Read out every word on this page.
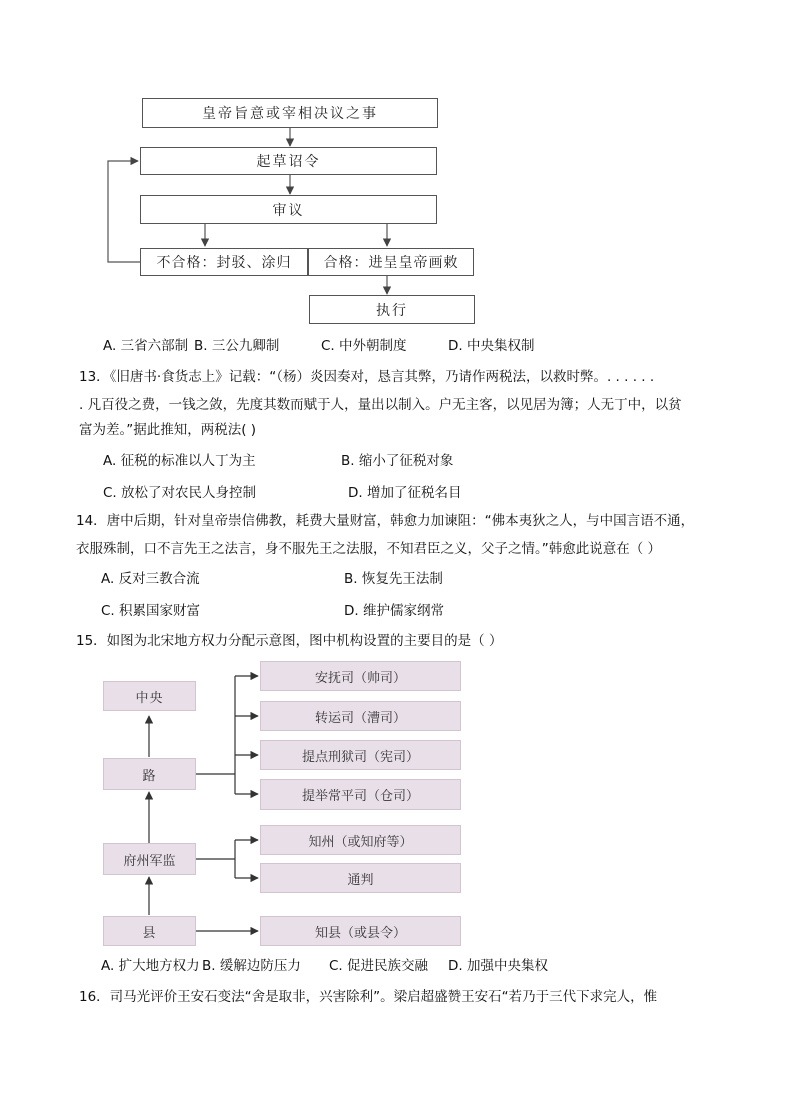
皇帝旨意或宰相决议之事
起草诏令
审议
不合格：封驳、涂归	合格：进呈皇帝画敕
执行
A. 三省六部制 B. 三公九卿制	C. 中外朝制度	D. 中央集权制
13．《旧唐书·食货志上》记载：“（杨）炎因奏对，恳言其弊，乃请作两税法，以救时弊。. . . . . .
. 凡百役之费，一钱之敛，先度其数而赋于人，量出以制入。户无主客，以见居为簿；人无丁中，以贫
富为差。”据此推知，两税法( )
A. 征税的标准以人丁为主	B. 缩小了征税对象
C. 放松了对农民人身控制	D. 增加了征税名目
14．唐中后期，针对皇帝崇信佛教，耗费大量财富，韩愈力加谏阻：“佛本夷狄之人，与中国言语不通，
衣服殊制，口不言先王之法言，身不服先王之法服，不知君臣之义，父子之情。”韩愈此说意在（ ）
A. 反对三教合流	B. 恢复先王法制
C. 积累国家财富	D. 维护儒家纲常
15．如图为北宋地方权力分配示意图，图中机构设置的主要目的是（ ）
中央
路
府州军监
县
安抚司（帅司）
转运司（漕司）
提点刑狱司（宪司）
提举常平司（仓司）
知州（或知府等）
通判
知县（或县令）
A. 扩大地方权力 B. 缓解边防压力 C. 促进民族交融 D. 加强中央集权
16．司马光评价王安石变法“舍是取非，兴害除利”。梁启超盛赞王安石“若乃于三代下求完人，惟
